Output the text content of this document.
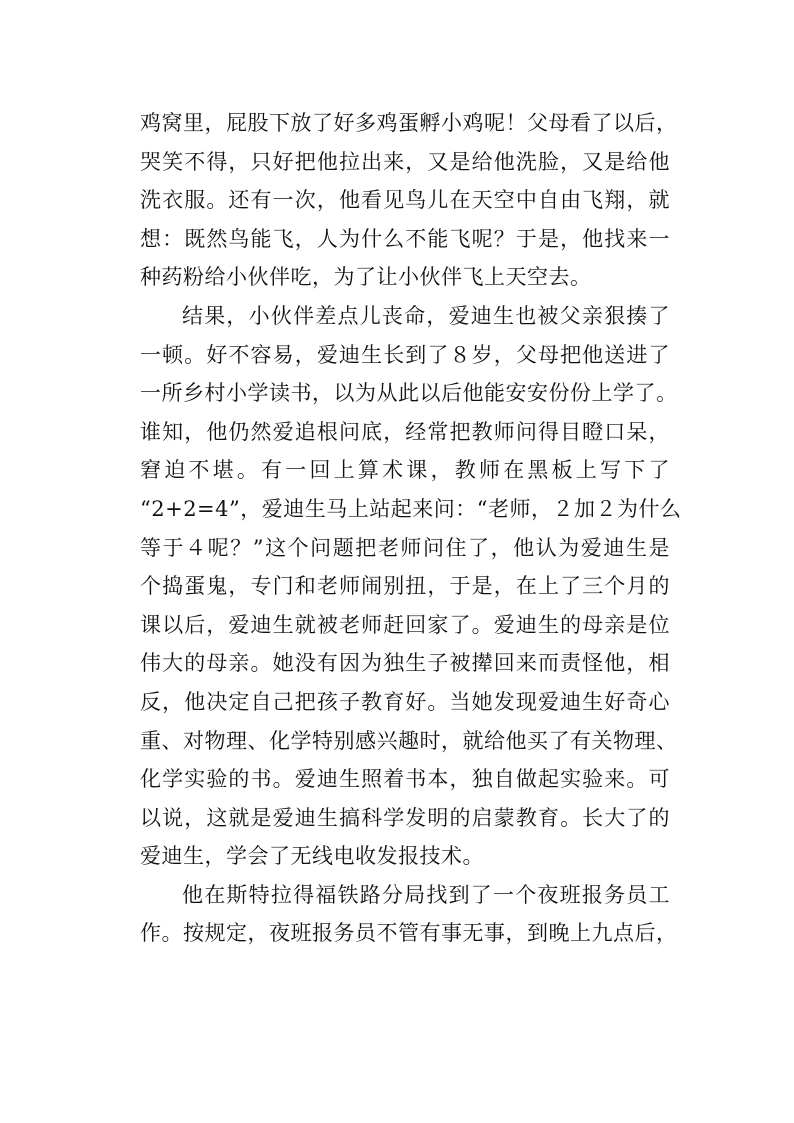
鸡窝里，屁股下放了好多鸡蛋孵小鸡呢！父母看了以后，
哭笑不得，只好把他拉出来，又是给他洗脸，又是给他
洗衣服。还有一次，他看见鸟儿在天空中自由飞翔，就
想：既然鸟能飞，人为什么不能飞呢？于是，他找来一
种药粉给小伙伴吃，为了让小伙伴飞上天空去。
结果，小伙伴差点儿丧命，爱迪生也被父亲狠揍了
一顿。好不容易，爱迪生长到了８岁，父母把他送进了
一所乡村小学读书，以为从此以后他能安安份份上学了。
谁知，他仍然爱追根问底，经常把教师问得目瞪口呆，
窘迫不堪。有一回上算术课，教师在黑板上写下了
“2+2=4”，爱迪生马上站起来问：“老师，２加２为什么
等于４呢？”这个问题把老师问住了，他认为爱迪生是
个捣蛋鬼，专门和老师闹别扭，于是，在上了三个月的
课以后，爱迪生就被老师赶回家了。爱迪生的母亲是位
伟大的母亲。她没有因为独生子被撵回来而责怪他，相
反，他决定自己把孩子教育好。当她发现爱迪生好奇心
重、对物理、化学特别感兴趣时，就给他买了有关物理、
化学实验的书。爱迪生照着书本，独自做起实验来。可
以说，这就是爱迪生搞科学发明的启蒙教育。长大了的
爱迪生，学会了无线电收发报技术。
他在斯特拉得福铁路分局找到了一个夜班报务员工
作。按规定，夜班报务员不管有事无事，到晚上九点后，
